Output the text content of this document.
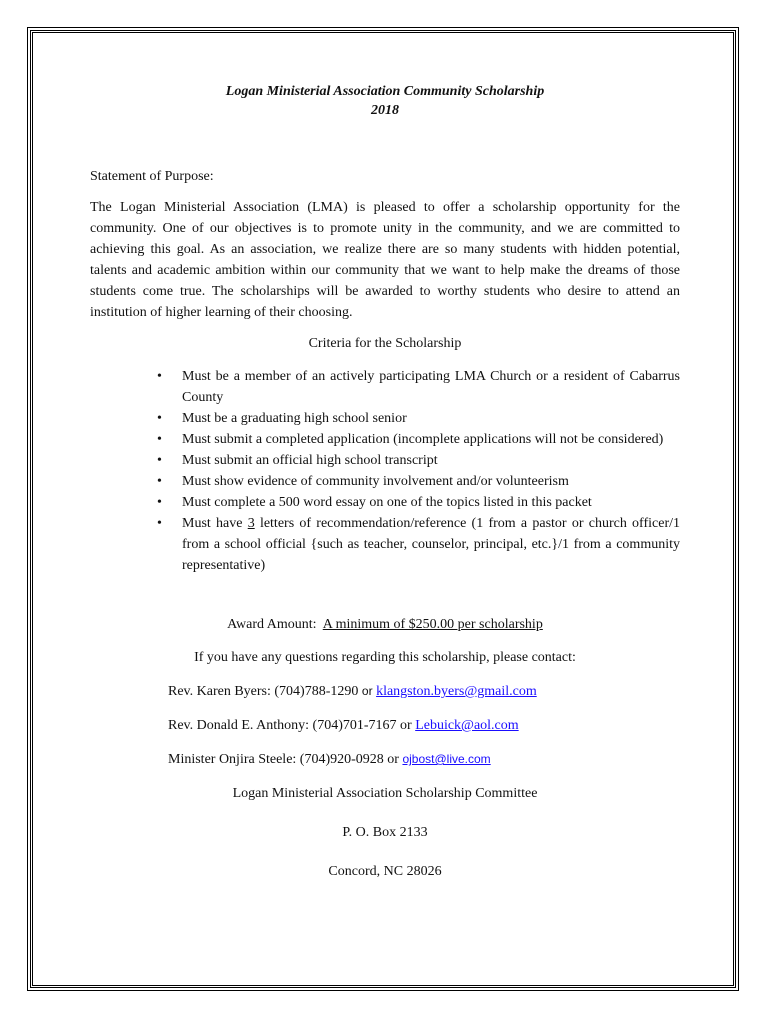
Logan Ministerial Association Community Scholarship
2018

Statement of Purpose:

The Logan Ministerial Association (LMA) is pleased to offer a scholarship opportunity for the community. One of our objectives is to promote unity in the community, and we are committed to achieving this goal. As an association, we realize there are so many students with hidden potential, talents and academic ambition within our community that we want to help make the dreams of those students come true. The scholarships will be awarded to worthy students who desire to attend an institution of higher learning of their choosing.

Criteria for the Scholarship
• Must be a member of an actively participating LMA Church or a resident of Cabarrus County
• Must be a graduating high school senior
• Must submit a completed application (incomplete applications will not be considered)
• Must submit an official high school transcript
• Must show evidence of community involvement and/or volunteerism
• Must complete a 500 word essay on one of the topics listed in this packet
• Must have 3 letters of recommendation/reference (1 from a pastor or church officer/1 from a school official {such as teacher, counselor, principal, etc.}/1 from a community representative)
Award Amount: A minimum of $250.00 per scholarship
If you have any questions regarding this scholarship, please contact:
Rev. Karen Byers: (704)788-1290 or klangston.byers@gmail.com
Rev. Donald E. Anthony: (704)701-7167 or Lebuick@aol.com
Minister Onjira Steele: (704)920-0928 or ojbost@live.com
Logan Ministerial Association Scholarship Committee
P. O. Box 2133
Concord, NC 28026
